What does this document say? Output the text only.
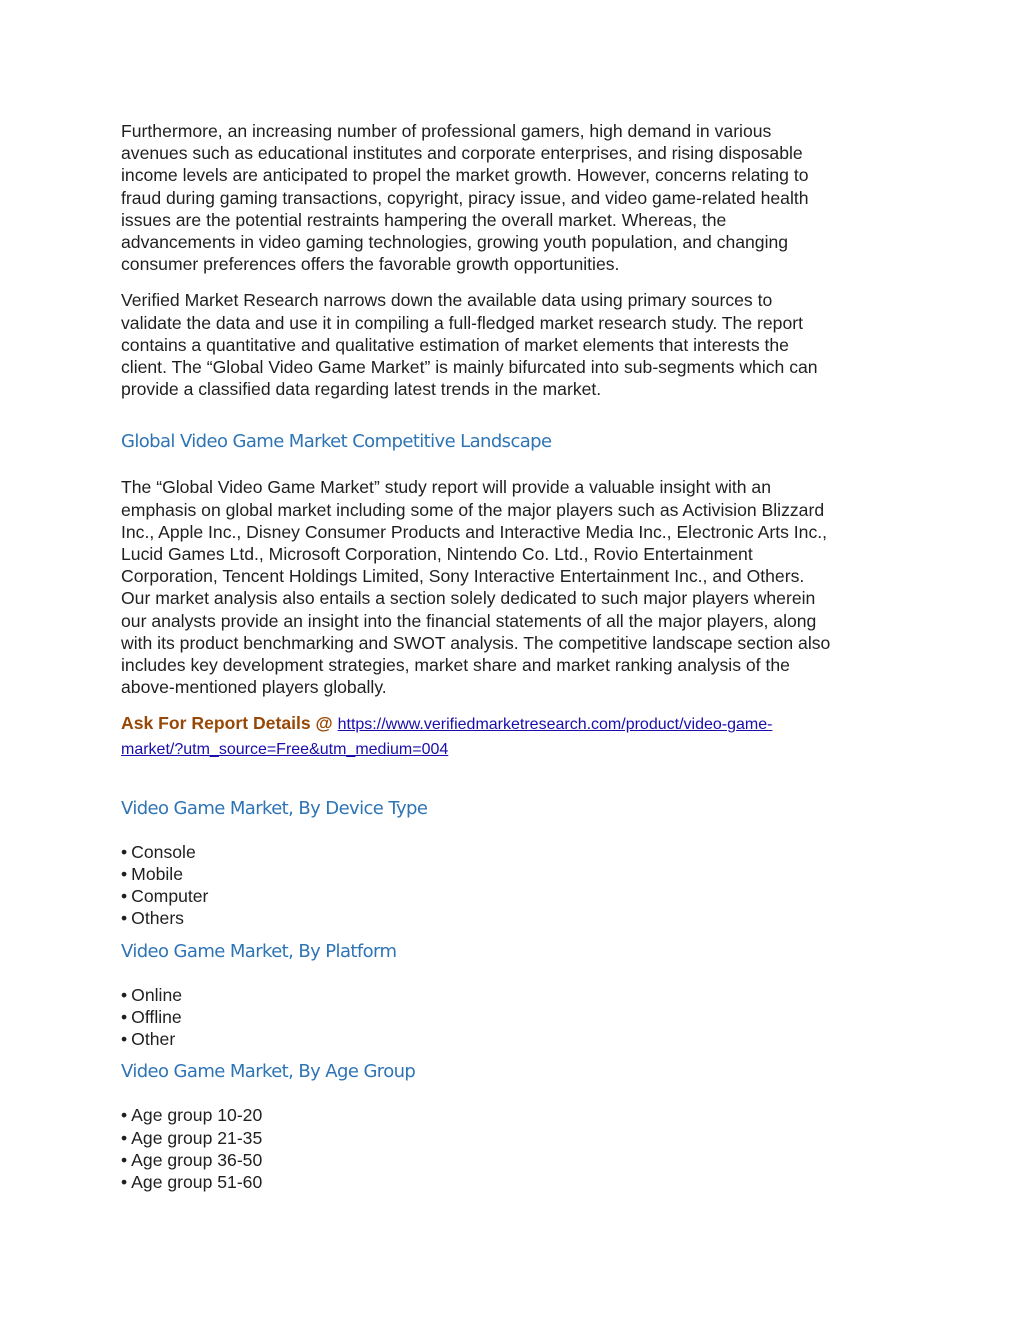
Furthermore, an increasing number of professional gamers, high demand in various
avenues such as educational institutes and corporate enterprises, and rising disposable
income levels are anticipated to propel the market growth. However, concerns relating to
fraud during gaming transactions, copyright, piracy issue, and video game-related health
issues are the potential restraints hampering the overall market. Whereas, the
advancements in video gaming technologies, growing youth population, and changing
consumer preferences offers the favorable growth opportunities.

Verified Market Research narrows down the available data using primary sources to
validate the data and use it in compiling a full-fledged market research study. The report
contains a quantitative and qualitative estimation of market elements that interests the
client. The “Global Video Game Market” is mainly bifurcated into sub-segments which can
provide a classified data regarding latest trends in the market.

Global Video Game Market Competitive Landscape

The “Global Video Game Market” study report will provide a valuable insight with an
emphasis on global market including some of the major players such as Activision Blizzard
Inc., Apple Inc., Disney Consumer Products and Interactive Media Inc., Electronic Arts Inc.,
Lucid Games Ltd., Microsoft Corporation, Nintendo Co. Ltd., Rovio Entertainment
Corporation, Tencent Holdings Limited, Sony Interactive Entertainment Inc., and Others.
Our market analysis also entails a section solely dedicated to such major players wherein
our analysts provide an insight into the financial statements of all the major players, along
with its product benchmarking and SWOT analysis. The competitive landscape section also
includes key development strategies, market share and market ranking analysis of the
above-mentioned players globally.

Ask For Report Details @ https://www.verifiedmarketresearch.com/product/video-game-
market/?utm_source=Free&utm_medium=004

Video Game Market, By Device Type
• Console
• Mobile
• Computer
• Others
Video Game Market, By Platform
• Online
• Offline
• Other
Video Game Market, By Age Group
• Age group 10-20
• Age group 21-35
• Age group 36-50
• Age group 51-60
